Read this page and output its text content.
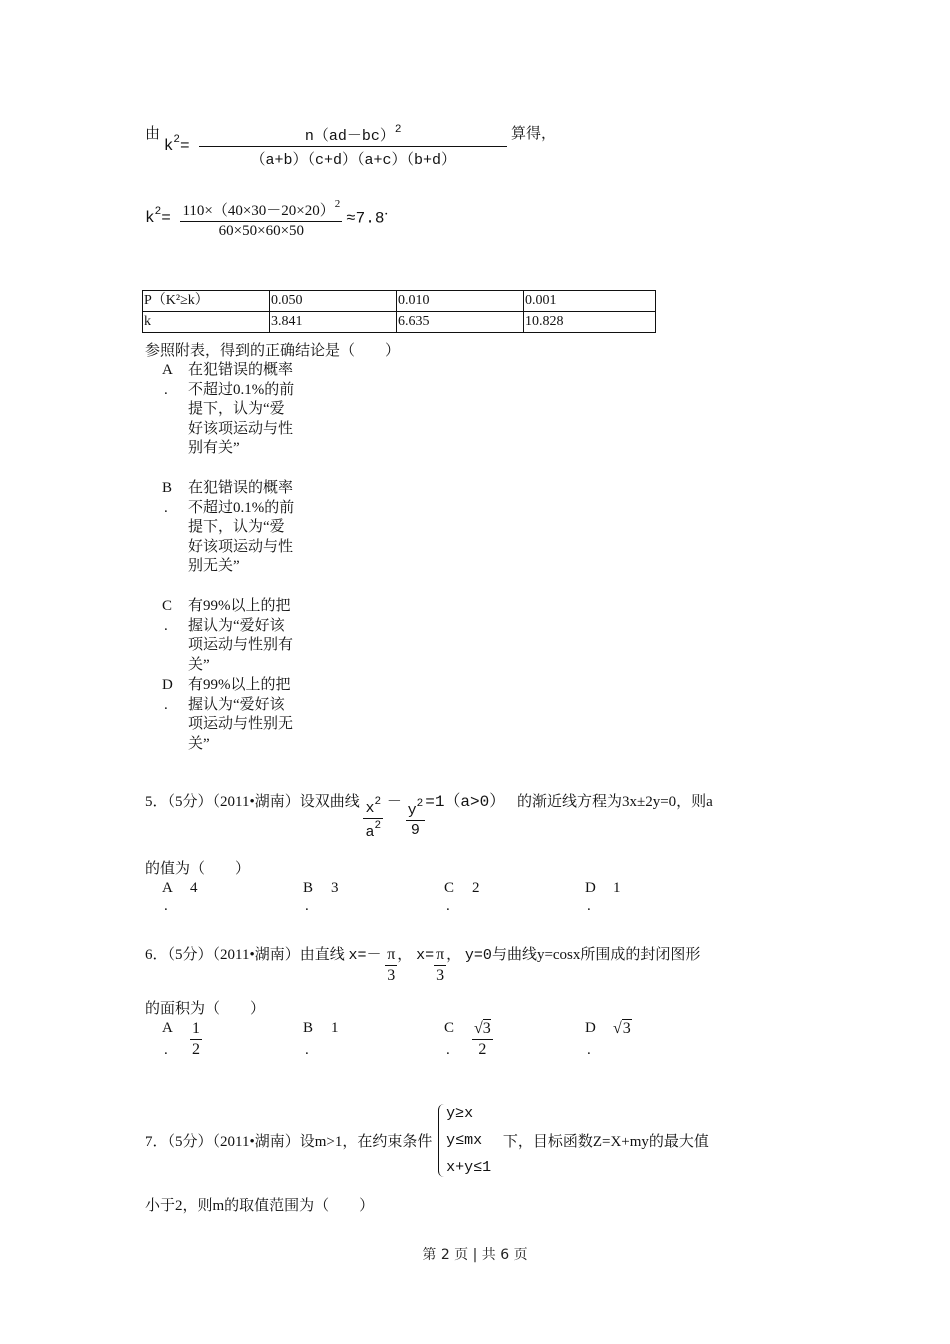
由 $k^2= \frac{n(ad-bc)^2}{(a+b)(c+d)(a+c)(b+d)}$ 算得，
$k^2= \frac{110\times(40\times 30-20\times 20)^2}{60\times 50\times 60\times 50} \approx 7.8$.
P（K²≥k）	0.050	0.010	0.001
k	3.841	6.635	10.828
参照附表，得到的正确结论是（　　）
A
.
在犯错误的概率不超过0.1%的前提下，认为“爱好该项运动与性别有关”
B
.
在犯错误的概率不超过0.1%的前提下，认为“爱好该项运动与性别无关”
C
.
有99%以上的把握认为“爱好该项运动与性别有关”
D
.
有99%以上的把握认为“爱好该项运动与性别无关”
5．（5分）（2011•湖南）设双曲线 $\frac{x^2}{a^2} - \frac{y^2}{9} =1(a>0)$ 的渐近线方程为3x±2y=0，则a
的值为（　　）
A
.
4	B
.
3	C
.
2	D
.
1
6．（5分）（2011•湖南）由直线 $x=- \frac{\pi}{3}$ ， $x= \frac{\pi}{3}$ ， y=0与曲线y=cosx所围成的封闭图形
的面积为（　　）
A
. $\frac{1}{2}$	B
.
1	C
. $\frac{√3}{2}$	D
.
√3
7．（5分）（2011•湖南）设m>1，在约束条件
y≥x
y≤mx
x+y≤1
下，目标函数Z=X+my的最大值
小于2，则m的取值范围为（　　）
第 2 页 | 共 6 页
